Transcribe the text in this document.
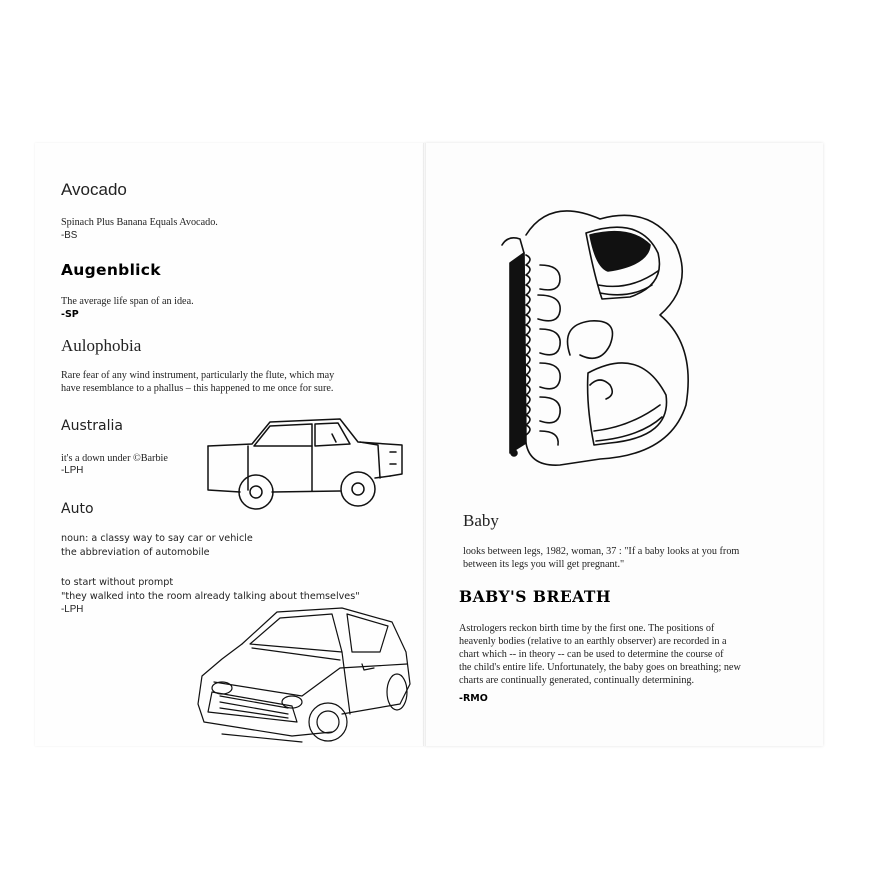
Avocado
Spinach Plus Banana Equals Avocado.
-BS
Augenblick
The average life span of an idea.
-SP
Aulophobia
Rare fear of any wind instrument, particularly the flute, which may
have resemblance to a phallus – this happened to me once for sure.
Australia
it's a down under ©Barbie
-LPH
Auto
noun: a classy way to say car or vehicle
the abbreviation of automobile
to start without prompt
"they walked into the room already talking about themselves"
-LPH
Baby
looks between legs, 1982, woman, 37 : "If a baby looks at you from
between its legs you will get pregnant."
BABY'S BREATH
Astrologers reckon birth time by the first one. The positions of
heavenly bodies (relative to an earthly observer) are recorded in a
chart which -- in theory -- can be used to determine the course of
the child's entire life. Unfortunately, the baby goes on breathing; new
charts are continually generated, continually determining.
-RMO
